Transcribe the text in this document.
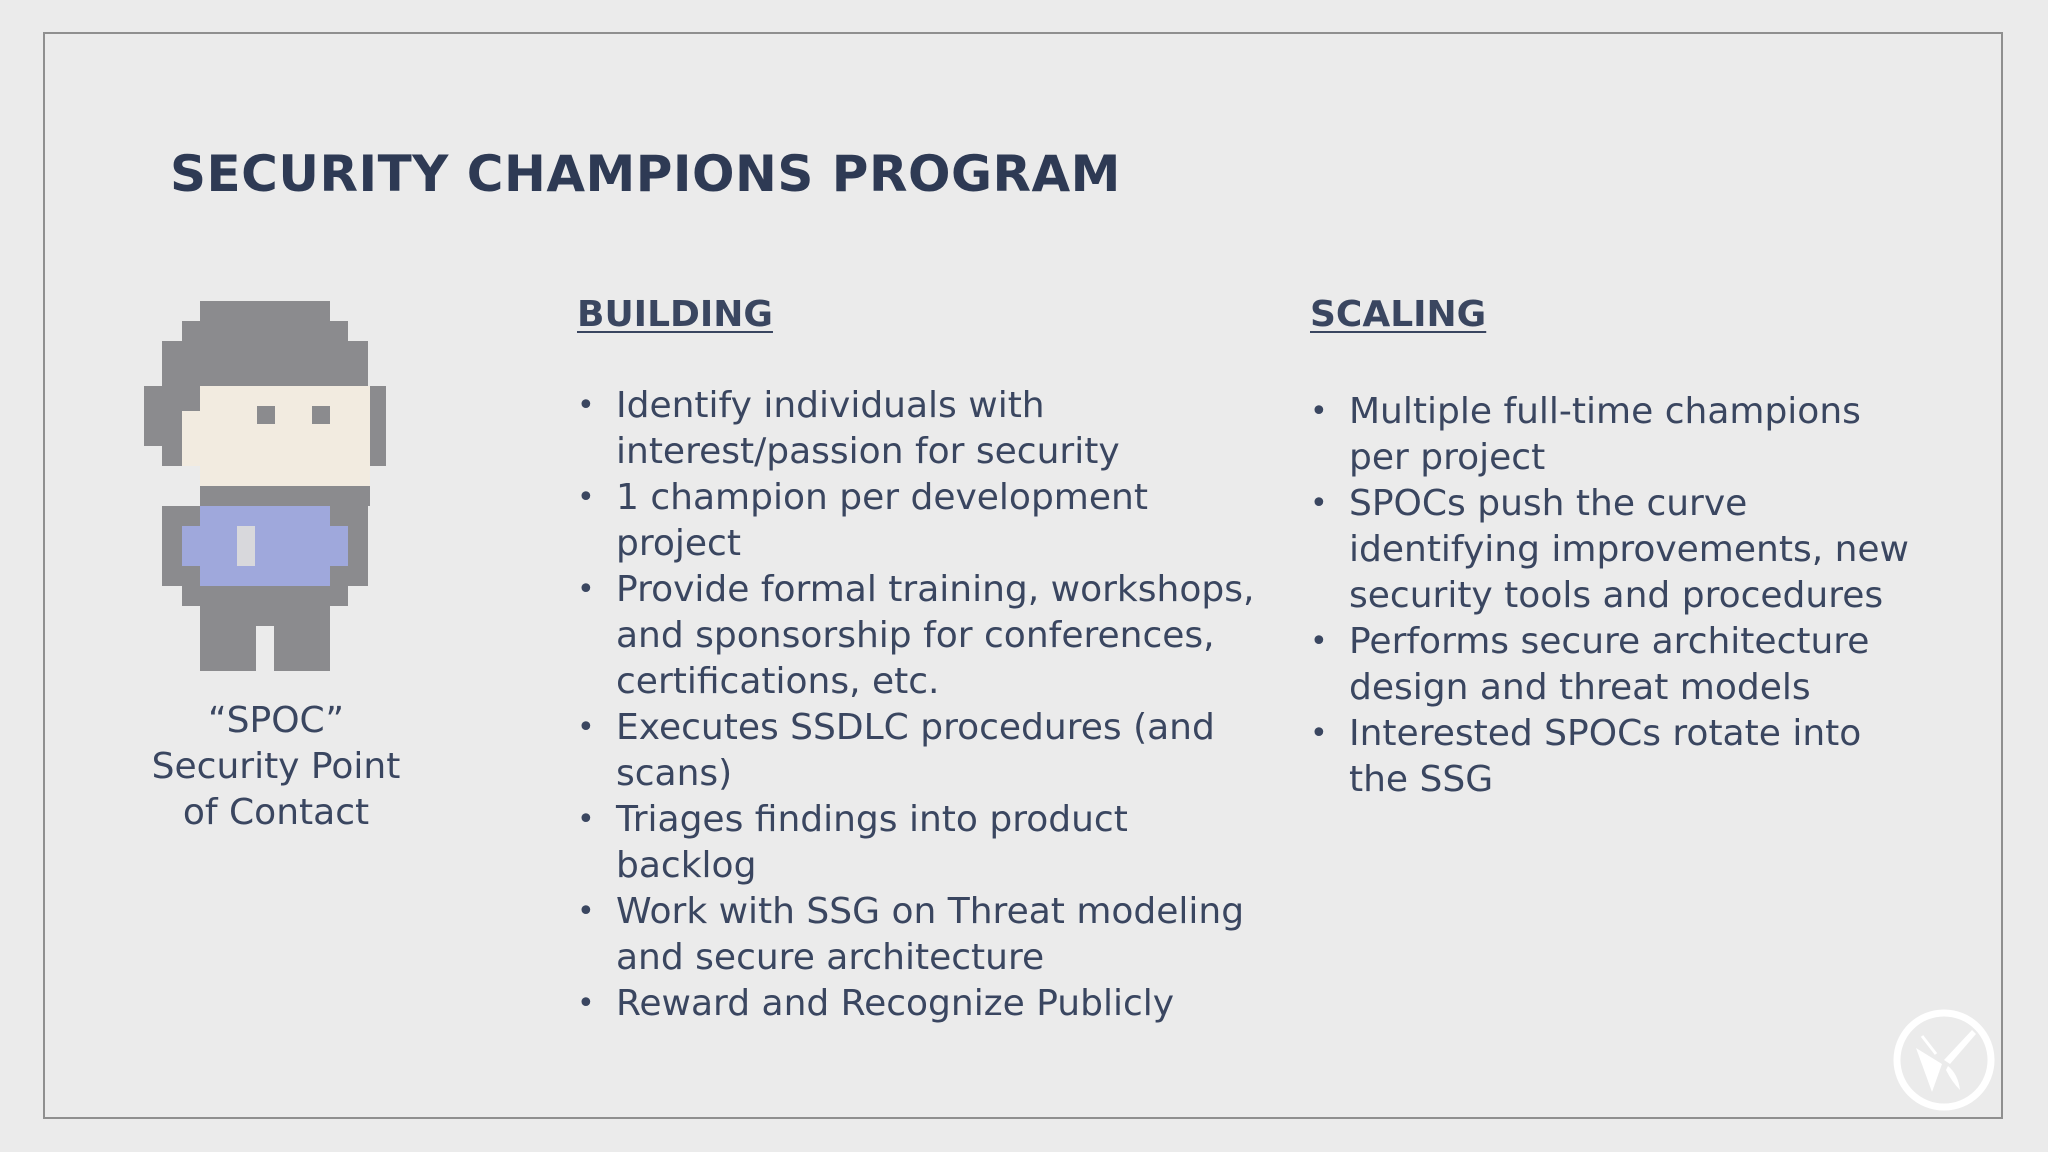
SECURITY CHAMPIONS PROGRAM
“SPOC”
Security Point
of Contact
BUILDING
• Identify individuals with
interest/passion for security
• 1 champion per development
project
• Provide formal training, workshops,
and sponsorship for conferences,
certifications, etc.
• Executes SSDLC procedures (and
scans)
• Triages findings into product
backlog
• Work with SSG on Threat modeling
and secure architecture
• Reward and Recognize Publicly
SCALING
• Multiple full-time champions
per project
• SPOCs push the curve
identifying improvements, new
security tools and procedures
• Performs secure architecture
design and threat models
• Interested SPOCs rotate into
the SSG
